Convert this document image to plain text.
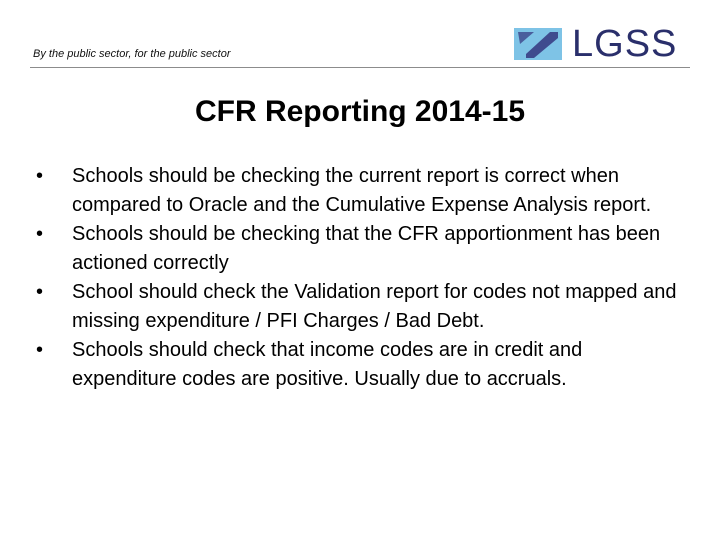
By the public sector, for the public sector	LGSS
CFR Reporting 2014-15
• Schools should be checking the current report is correct when compared to Oracle and the Cumulative Expense Analysis report.
• Schools should be checking that the CFR apportionment has been actioned correctly
• School should check the Validation report for codes not mapped and missing expenditure / PFI Charges / Bad Debt.
• Schools should check that income codes are in credit and expenditure codes are positive. Usually due to accruals.
